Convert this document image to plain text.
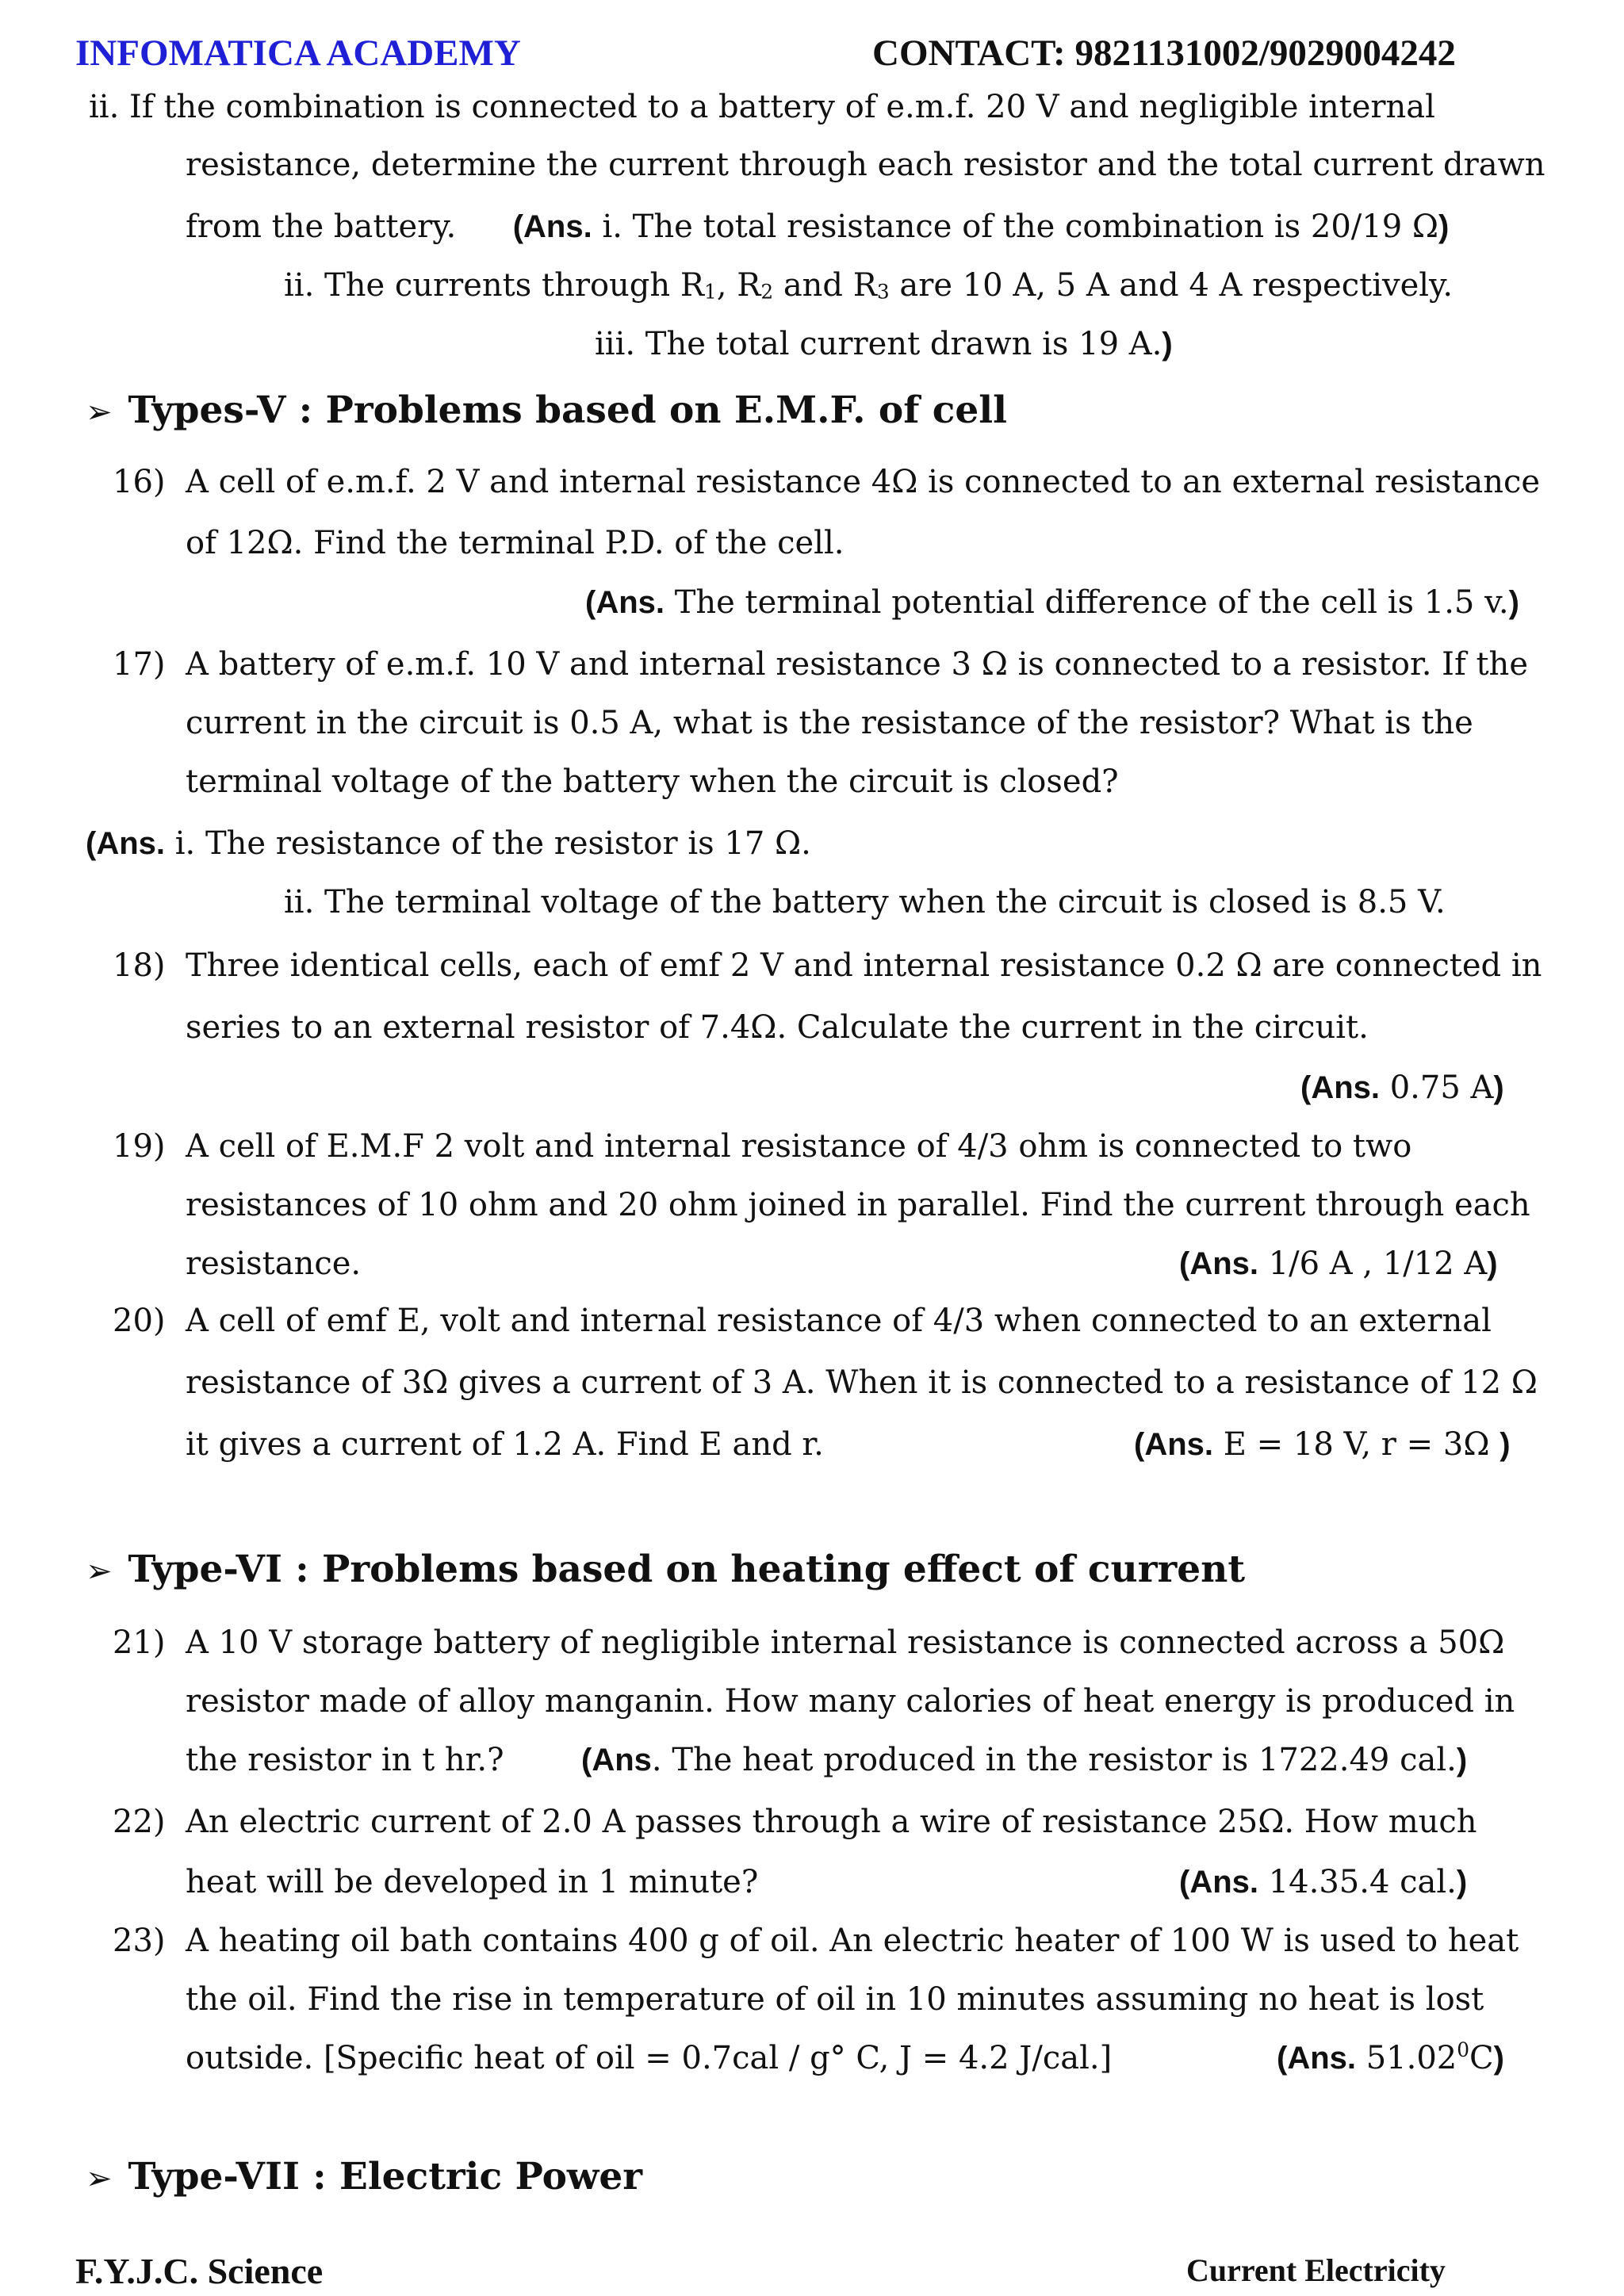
INFOMATICA ACADEMY	CONTACT: 9821131002/9029004242
ii. If the combination is connected to a battery of e.m.f. 20 V and negligible internal
resistance, determine the current through each resistor and the total current drawn
from the battery. (Ans. i. The total resistance of the combination is 20/19 Ω)
ii. The currents through $R_1$, $R_2$ and $R_3$ are 10 A, 5 A and 4 A respectively.
iii. The total current drawn is 19 A.)
➢ Types-V : Problems based on E.M.F. of cell
16) A cell of e.m.f. 2 V and internal resistance 4Ω is connected to an external resistance
of 12Ω. Find the terminal P.D. of the cell.
(Ans. The terminal potential difference of the cell is 1.5 v.)
17) A battery of e.m.f. 10 V and internal resistance 3 Ω is connected to a resistor. If the
current in the circuit is 0.5 A, what is the resistance of the resistor? What is the
terminal voltage of the battery when the circuit is closed?
(Ans. i. The resistance of the resistor is 17 Ω.
ii. The terminal voltage of the battery when the circuit is closed is 8.5 V.
18) Three identical cells, each of emf 2 V and internal resistance 0.2 Ω are connected in
series to an external resistor of 7.4Ω. Calculate the current in the circuit.
(Ans. 0.75 A)
19) A cell of E.M.F 2 volt and internal resistance of 4/3 ohm is connected to two
resistances of 10 ohm and 20 ohm joined in parallel. Find the current through each
resistance.	(Ans. 1/6 A , 1/12 A)
20) A cell of emf E, volt and internal resistance of 4/3 when connected to an external
resistance of 3Ω gives a current of 3 A. When it is connected to a resistance of 12 Ω
it gives a current of 1.2 A. Find E and r.	(Ans. E = 18 V, r = 3Ω )
➢ Type-VI : Problems based on heating effect of current
21) A 10 V storage battery of negligible internal resistance is connected across a 50Ω
resistor made of alloy manganin. How many calories of heat energy is produced in
the resistor in t hr.? (Ans. The heat produced in the resistor is 1722.49 cal.)
22) An electric current of 2.0 A passes through a wire of resistance 25Ω. How much
heat will be developed in 1 minute?	(Ans. 14.35.4 cal.)
23) A heating oil bath contains 400 g of oil. An electric heater of 100 W is used to heat
the oil. Find the rise in temperature of oil in 10 minutes assuming no heat is lost
outside. [Specific heat of oil = 0.7cal / g° C, J = 4.2 J/cal.]	(Ans. 51.02$^0$C)
➢ Type-VII : Electric Power
F.Y.J.C. Science	Current Electricity
